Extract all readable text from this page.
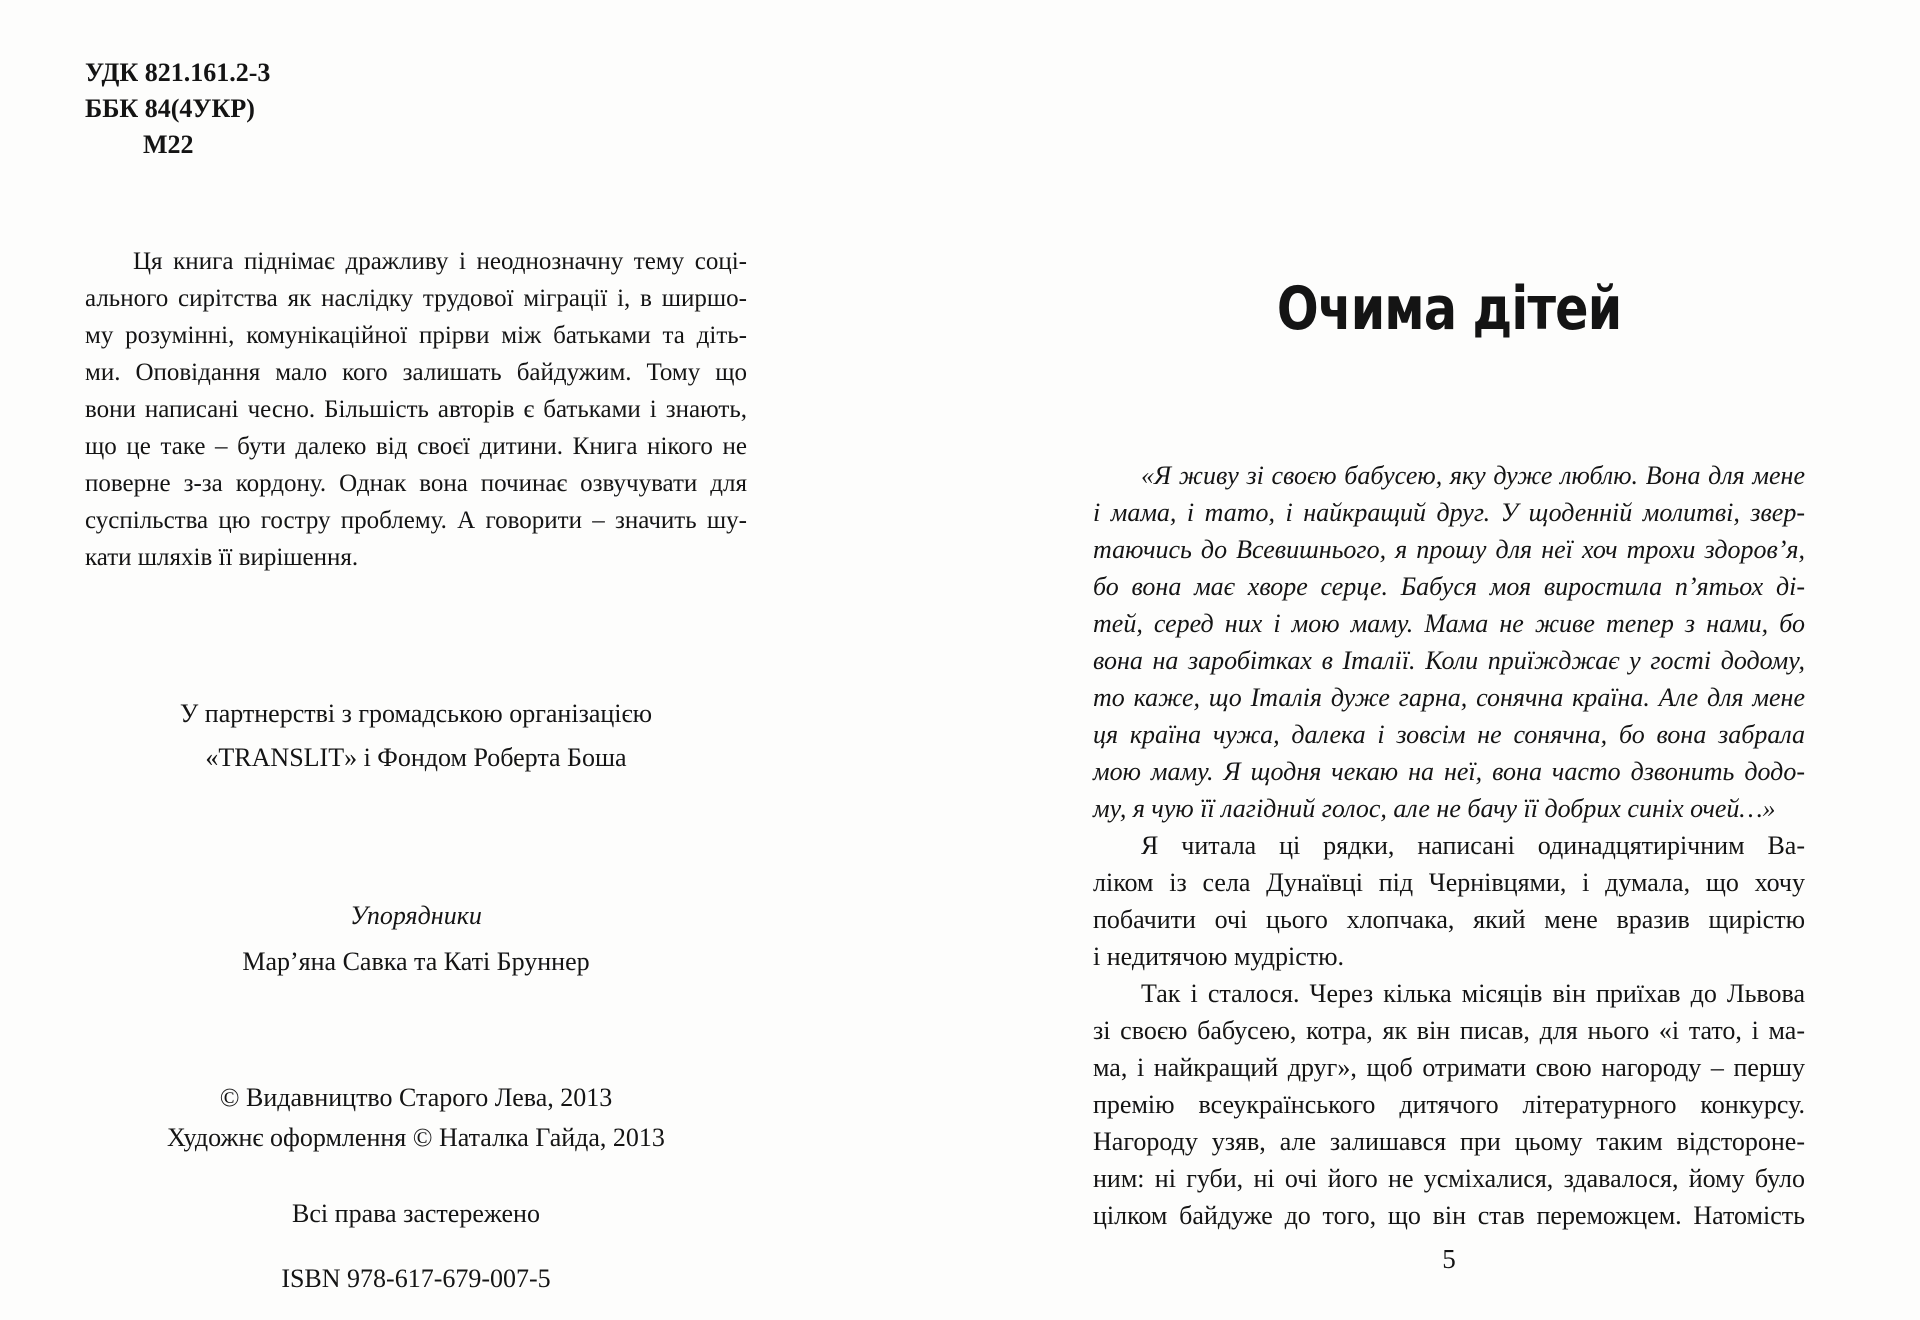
УДК 821.161.2-3
ББК 84(4УКР)
М22
Ця книга піднімає дражливу і неоднозначну тему соці-
ального сирітства як наслідку трудової міграції і, в ширшо-
му розумінні, комунікаційної прірви між батьками та діть-
ми. Оповідання мало кого залишать байдужим. Тому що
вони написані чесно. Більшість авторів є батьками і знають,
що це таке – бути далеко від своєї дитини. Книга нікого не
поверне з-за кордону. Однак вона починає озвучувати для
суспільства цю гостру проблему. А говорити – значить шу-
кати шляхів її вирішення.
У партнерстві з громадською організацією
«TRANSLIT» і Фондом Роберта Боша
Упорядники
Мар’яна Савка та Каті Бруннер
© Видавництво Старого Лева, 2013
Художнє оформлення © Наталка Гайда, 2013
Всі права застережено
ISBN 978-617-679-007-5
Очима дітей
«Я живу зі своєю бабусею, яку дуже люблю. Вона для мене
і мама, і тато, і найкращий друг. У щоденній молитві, звер-
таючись до Всевишнього, я прошу для неї хоч трохи здоров’я,
бо вона має хворе серце. Бабуся моя виростила п’ятьох ді-
тей, серед них і мою маму. Мама не живе тепер з нами, бо
вона на заробітках в Італії. Коли приїжджає у гості додому,
то каже, що Італія дуже гарна, сонячна країна. Але для мене
ця країна чужа, далека і зовсім не сонячна, бо вона забрала
мою маму. Я щодня чекаю на неї, вона часто дзвонить додо-
му, я чую її лагідний голос, але не бачу її добрих синіх очей…»
Я читала ці рядки, написані одинадцятирічним Ва-
ліком із села Дунаївці під Чернівцями, і думала, що хочу
побачити очі цього хлопчака, який мене вразив щирістю
і недитячою мудрістю.
Так і сталося. Через кілька місяців він приїхав до Львова
зі своєю бабусею, котра, як він писав, для нього «і тато, і ма-
ма, і найкращий друг», щоб отримати свою нагороду – першу
премію всеукраїнського дитячого літературного конкурсу.
Нагороду узяв, але залишався при цьому таким відстороне-
ним: ні губи, ні очі його не усміхалися, здавалося, йому було
цілком байдуже до того, що він став переможцем. Натомість
5
